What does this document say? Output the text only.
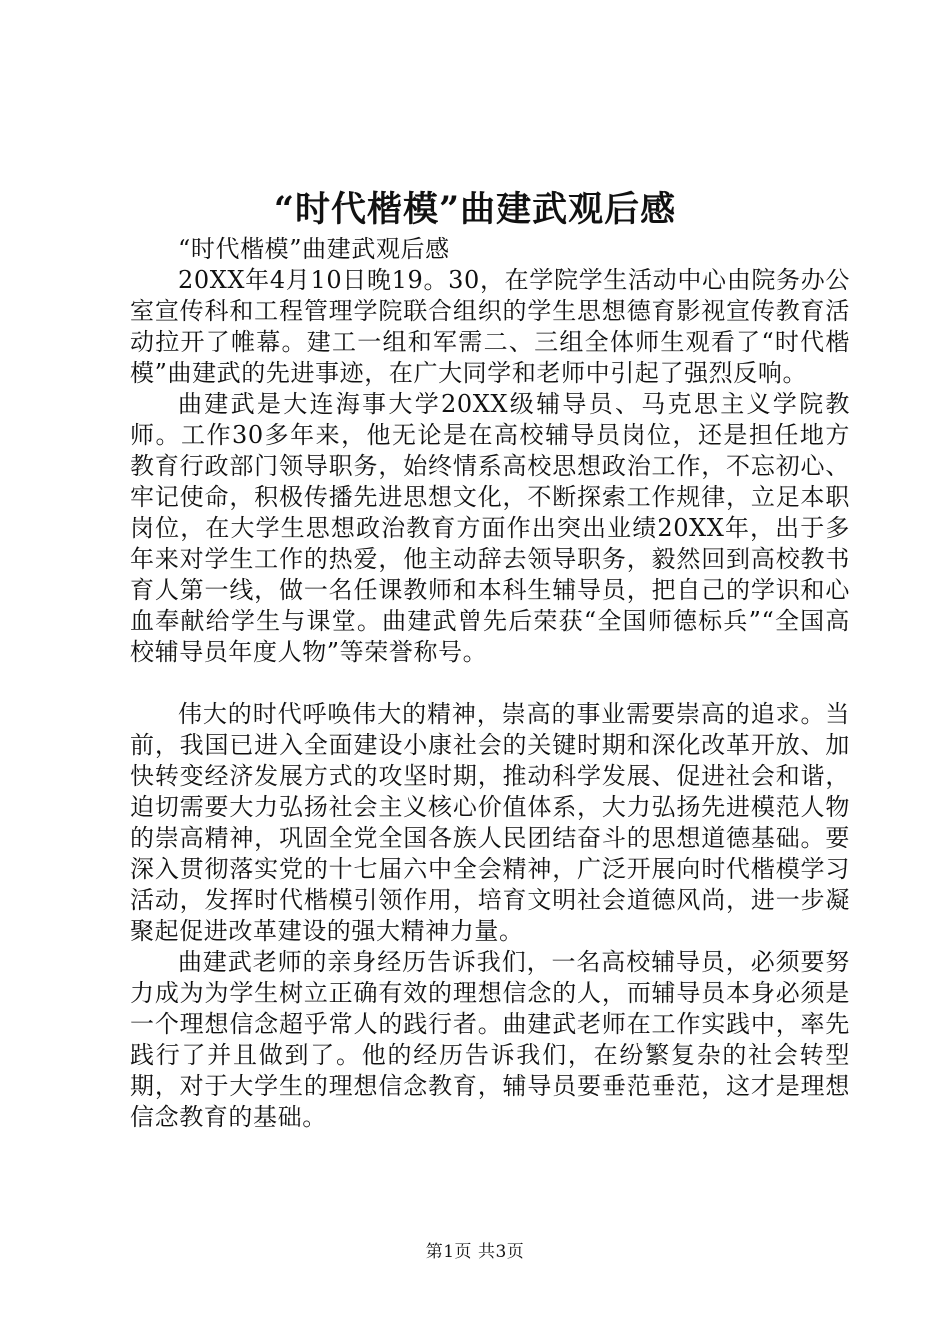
“时代楷模”曲建武观后感

“时代楷模”曲建武观后感

20XX年4月10日晚19。30，在学院学生活动中心由院务办公室宣传科和工程管理学院联合组织的学生思想德育影视宣传教育活动拉开了帷幕。建工一组和军需二、三组全体师生观看了“时代楷模”曲建武的先进事迹，在广大同学和老师中引起了强烈反响。

曲建武是大连海事大学20XX级辅导员、马克思主义学院教师。工作30多年来，他无论是在高校辅导员岗位，还是担任地方教育行政部门领导职务，始终情系高校思想政治工作，不忘初心、牢记使命，积极传播先进思想文化，不断探索工作规律，立足本职岗位，在大学生思想政治教育方面作出突出业绩20XX年，出于多年来对学生工作的热爱，他主动辞去领导职务，毅然回到高校教书育人第一线，做一名任课教师和本科生辅导员，把自己的学识和心血奉献给学生与课堂。曲建武曾先后荣获“全国师德标兵”“全国高校辅导员年度人物”等荣誉称号。

伟大的时代呼唤伟大的精神，崇高的事业需要崇高的追求。当前，我国已进入全面建设小康社会的关键时期和深化改革开放、加快转变经济发展方式的攻坚时期，推动科学发展、促进社会和谐，迫切需要大力弘扬社会主义核心价值体系，大力弘扬先进模范人物的崇高精神，巩固全党全国各族人民团结奋斗的思想道德基础。要深入贯彻落实党的十七届六中全会精神，广泛开展向时代楷模学习活动，发挥时代楷模引领作用，培育文明社会道德风尚，进一步凝聚起促进改革建设的强大精神力量。

曲建武老师的亲身经历告诉我们，一名高校辅导员，必须要努力成为为学生树立正确有效的理想信念的人，而辅导员本身必须是一个理想信念超乎常人的践行者。曲建武老师在工作实践中，率先践行了并且做到了。他的经历告诉我们，在纷繁复杂的社会转型期，对于大学生的理想信念教育，辅导员要垂范垂范，这才是理想信念教育的基础。

第1页 共3页
